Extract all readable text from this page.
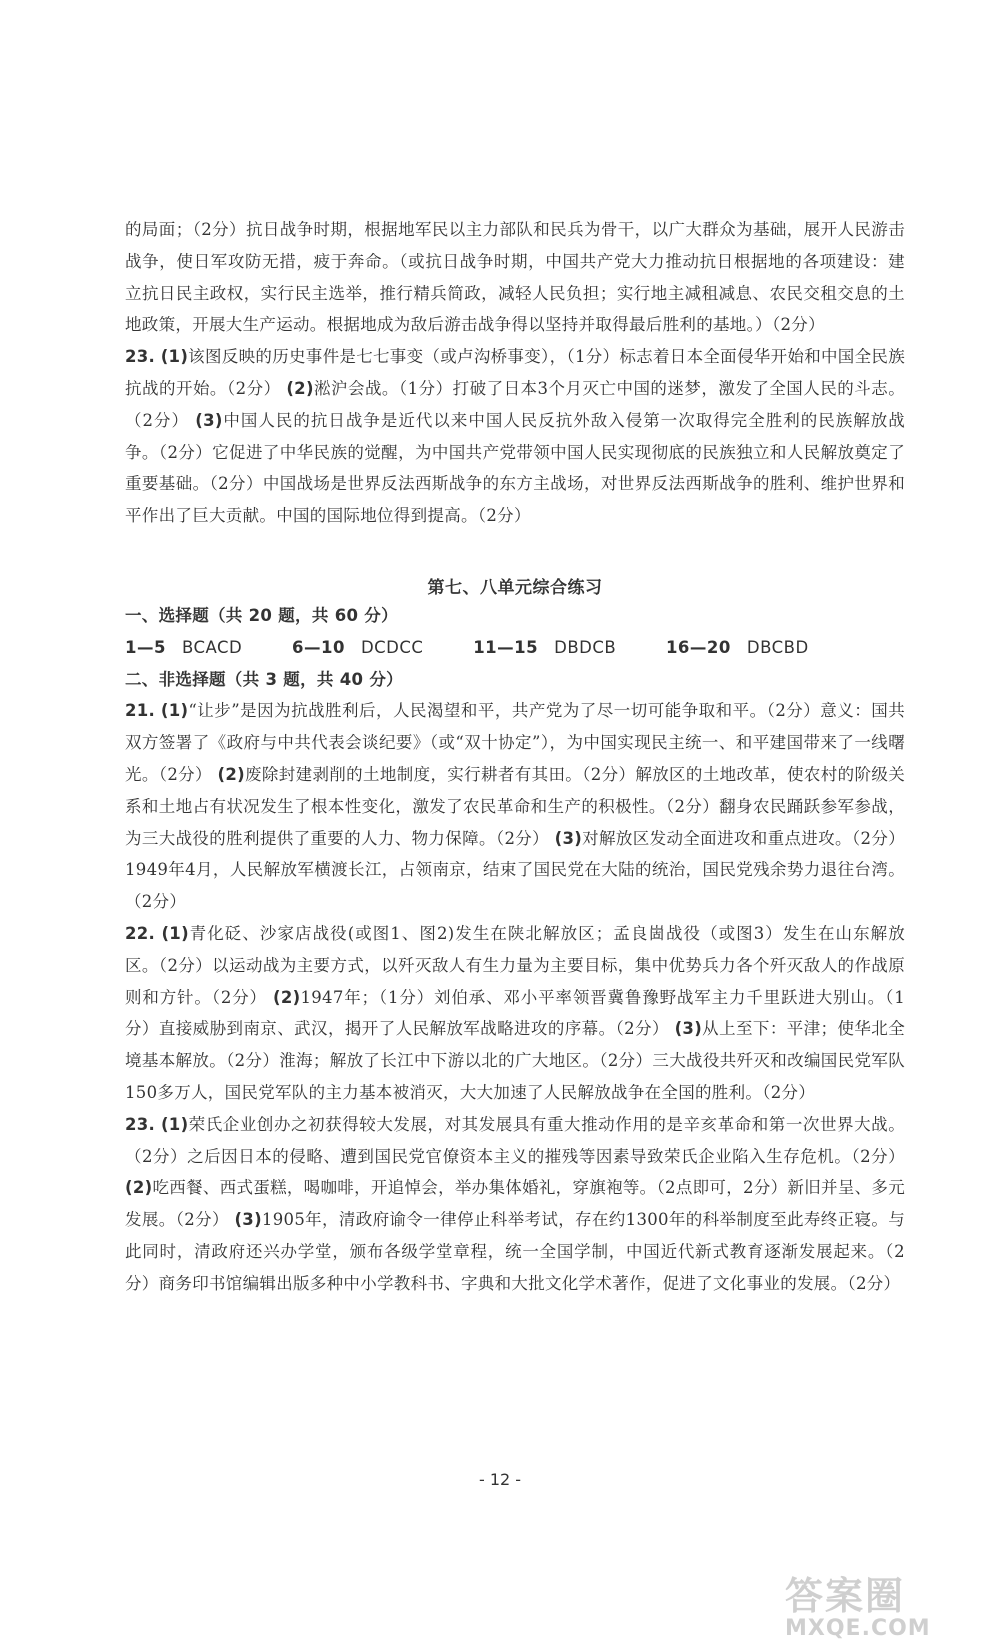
的局面；（2分）抗日战争时期，根据地军民以主力部队和民兵为骨干，以广大群众为基础，展开人民游击战争，使日军攻防无措，疲于奔命。（或抗日战争时期，中国共产党大力推动抗日根据地的各项建设：建立抗日民主政权，实行民主选举，推行精兵简政，减轻人民负担；实行地主减租减息、农民交租交息的土地政策，开展大生产运动。根据地成为敌后游击战争得以坚持并取得最后胜利的基地。）（2分）

23. (1)该图反映的历史事件是七七事变（或卢沟桥事变），（1分）标志着日本全面侵华开始和中国全民族抗战的开始。（2分） (2)淞沪会战。（1分）打破了日本3个月灭亡中国的迷梦，激发了全国人民的斗志。（2分） (3)中国人民的抗日战争是近代以来中国人民反抗外敌入侵第一次取得完全胜利的民族解放战争。（2分）它促进了中华民族的觉醒，为中国共产党带领中国人民实现彻底的民族独立和人民解放奠定了重要基础。（2分）中国战场是世界反法西斯战争的东方主战场，对世界反法西斯战争的胜利、维护世界和平作出了巨大贡献。中国的国际地位得到提高。（2分）

第七、八单元综合练习

一、选择题（共 20 题，共 60 分）

1—5 BCACD	6—10 DCDCC	11—15 DBDCB	16—20 DBCBD

二、非选择题（共 3 题，共 40 分）

21. (1)“让步”是因为抗战胜利后，人民渴望和平，共产党为了尽一切可能争取和平。（2分）意义：国共双方签署了《政府与中共代表会谈纪要》（或“双十协定”），为中国实现民主统一、和平建国带来了一线曙光。（2分） (2)废除封建剥削的土地制度，实行耕者有其田。（2分）解放区的土地改革，使农村的阶级关系和土地占有状况发生了根本性变化，激发了农民革命和生产的积极性。（2分）翻身农民踊跃参军参战，为三大战役的胜利提供了重要的人力、物力保障。（2分） (3)对解放区发动全面进攻和重点进攻。（2分）1949年4月，人民解放军横渡长江，占领南京，结束了国民党在大陆的统治，国民党残余势力退往台湾。（2分）

22. (1)青化砭、沙家店战役(或图1、图2)发生在陕北解放区；孟良崮战役（或图3）发生在山东解放区。（2分）以运动战为主要方式，以歼灭敌人有生力量为主要目标，集中优势兵力各个歼灭敌人的作战原则和方针。（2分） (2)1947年；（1分）刘伯承、邓小平率领晋冀鲁豫野战军主力千里跃进大别山。（1分）直接威胁到南京、武汉，揭开了人民解放军战略进攻的序幕。（2分） (3)从上至下：平津；使华北全境基本解放。（2分）淮海；解放了长江中下游以北的广大地区。（2分）三大战役共歼灭和改编国民党军队150多万人，国民党军队的主力基本被消灭，大大加速了人民解放战争在全国的胜利。（2分）

23. (1)荣氏企业创办之初获得较大发展，对其发展具有重大推动作用的是辛亥革命和第一次世界大战。（2分）之后因日本的侵略、遭到国民党官僚资本主义的摧残等因素导致荣氏企业陷入生存危机。（2分） (2)吃西餐、西式蛋糕，喝咖啡，开追悼会，举办集体婚礼，穿旗袍等。（2点即可，2分）新旧并呈、多元发展。（2分） (3)1905年，清政府谕令一律停止科举考试，存在约1300年的科举制度至此寿终正寝。与此同时，清政府还兴办学堂，颁布各级学堂章程，统一全国学制，中国近代新式教育逐渐发展起来。（2分）商务印书馆编辑出版多种中小学教科书、字典和大批文化学术著作，促进了文化事业的发展。（2分）

- 12 -
答案圈
MXQE.COM
